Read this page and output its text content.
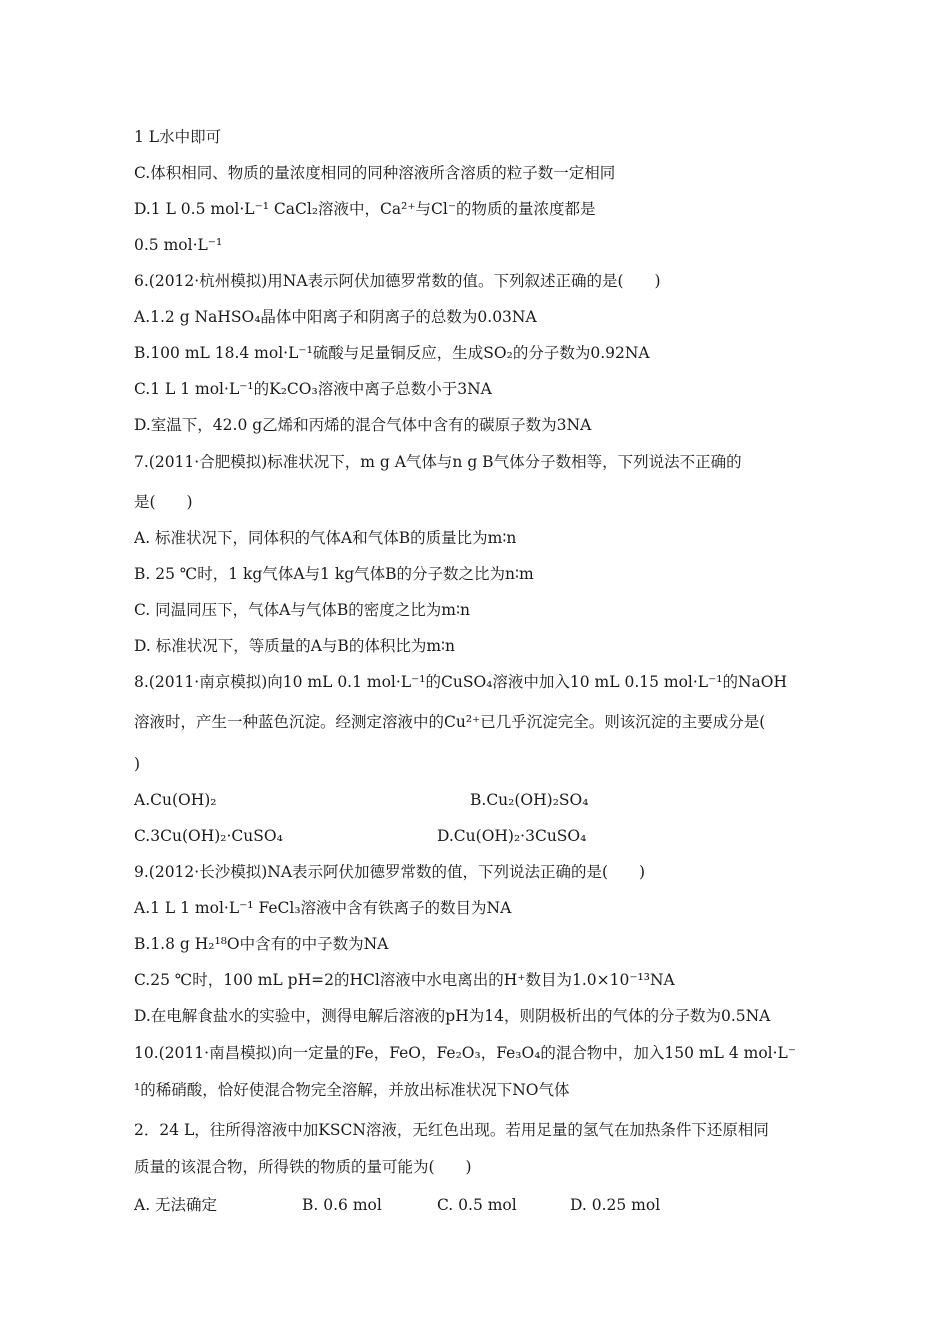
1 L水中即可
C.体积相同、物质的量浓度相同的同种溶液所含溶质的粒子数一定相同
D.1 L 0.5 mol·L⁻¹ CaCl₂溶液中，Ca²⁺与Cl⁻的物质的量浓度都是
0.5 mol·L⁻¹
6.(2012·杭州模拟)用NA表示阿伏加德罗常数的值。下列叙述正确的是(　　)
A.1.2 g NaHSO₄晶体中阳离子和阴离子的总数为0.03NA
B.100 mL 18.4 mol·L⁻¹硫酸与足量铜反应，生成SO₂的分子数为0.92NA
C.1 L 1 mol·L⁻¹的K₂CO₃溶液中离子总数小于3NA
D.室温下，42.0 g乙烯和丙烯的混合气体中含有的碳原子数为3NA
7.(2011·合肥模拟)标准状况下，m g A气体与n g B气体分子数相等，下列说法不正确的
是(　　)
A. 标准状况下，同体积的气体A和气体B的质量比为m∶n
B. 25 ℃时，1 kg气体A与1 kg气体B的分子数之比为n∶m
C. 同温同压下，气体A与气体B的密度之比为m∶n
D. 标准状况下，等质量的A与B的体积比为m∶n
8.(2011·南京模拟)向10 mL 0.1 mol·L⁻¹的CuSO₄溶液中加入10 mL 0.15 mol·L⁻¹的NaOH
溶液时，产生一种蓝色沉淀。经测定溶液中的Cu²⁺已几乎沉淀完全。则该沉淀的主要成分是(
)
A.Cu(OH)₂	B.Cu₂(OH)₂SO₄
C.3Cu(OH)₂·CuSO₄	D.Cu(OH)₂·3CuSO₄
9.(2012·长沙模拟)NA表示阿伏加德罗常数的值，下列说法正确的是(　　)
A.1 L 1 mol·L⁻¹ FeCl₃溶液中含有铁离子的数目为NA
B.1.8 g H₂¹⁸O中含有的中子数为NA
C.25 ℃时，100 mL pH=2的HCl溶液中水电离出的H⁺数目为1.0×10⁻¹³NA
D.在电解食盐水的实验中，测得电解后溶液的pH为14，则阴极析出的气体的分子数为0.5NA
10.(2011·南昌模拟)向一定量的Fe，FeO，Fe₂O₃，Fe₃O₄的混合物中，加入150 mL 4 mol·L⁻
¹的稀硝酸，恰好使混合物完全溶解，并放出标准状况下NO气体
2．24 L，往所得溶液中加KSCN溶液，无红色出现。若用足量的氢气在加热条件下还原相同
质量的该混合物，所得铁的物质的量可能为(　　)
A. 无法确定	B. 0.6 mol	C. 0.5 mol	D. 0.25 mol
